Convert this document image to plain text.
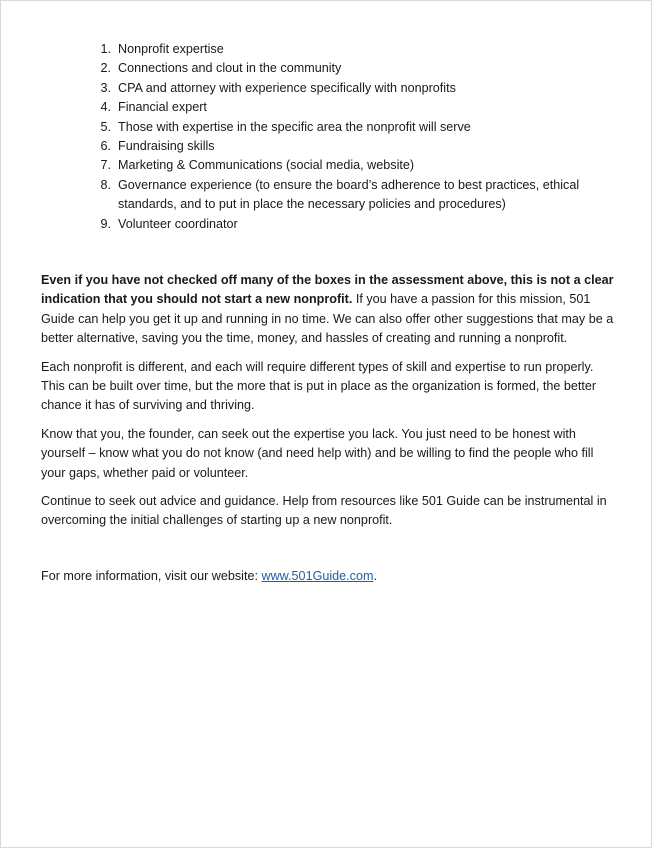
1. Nonprofit expertise
2. Connections and clout in the community
3. CPA and attorney with experience specifically with nonprofits
4. Financial expert
5. Those with expertise in the specific area the nonprofit will serve
6. Fundraising skills
7. Marketing & Communications (social media, website)
8. Governance experience (to ensure the board’s adherence to best practices, ethical standards, and to put in place the necessary policies and procedures)
9. Volunteer coordinator

Even if you have not checked off many of the boxes in the assessment above, this is not a clear indication that you should not start a new nonprofit. If you have a passion for this mission, 501 Guide can help you get it up and running in no time. We can also offer other suggestions that may be a better alternative, saving you the time, money, and hassles of creating and running a nonprofit.

Each nonprofit is different, and each will require different types of skill and expertise to run properly. This can be built over time, but the more that is put in place as the organization is formed, the better chance it has of surviving and thriving.

Know that you, the founder, can seek out the expertise you lack. You just need to be honest with yourself – know what you do not know (and need help with) and be willing to find the people who fill your gaps, whether paid or volunteer.

Continue to seek out advice and guidance. Help from resources like 501 Guide can be instrumental in overcoming the initial challenges of starting up a new nonprofit.

For more information, visit our website: www.501Guide.com.
